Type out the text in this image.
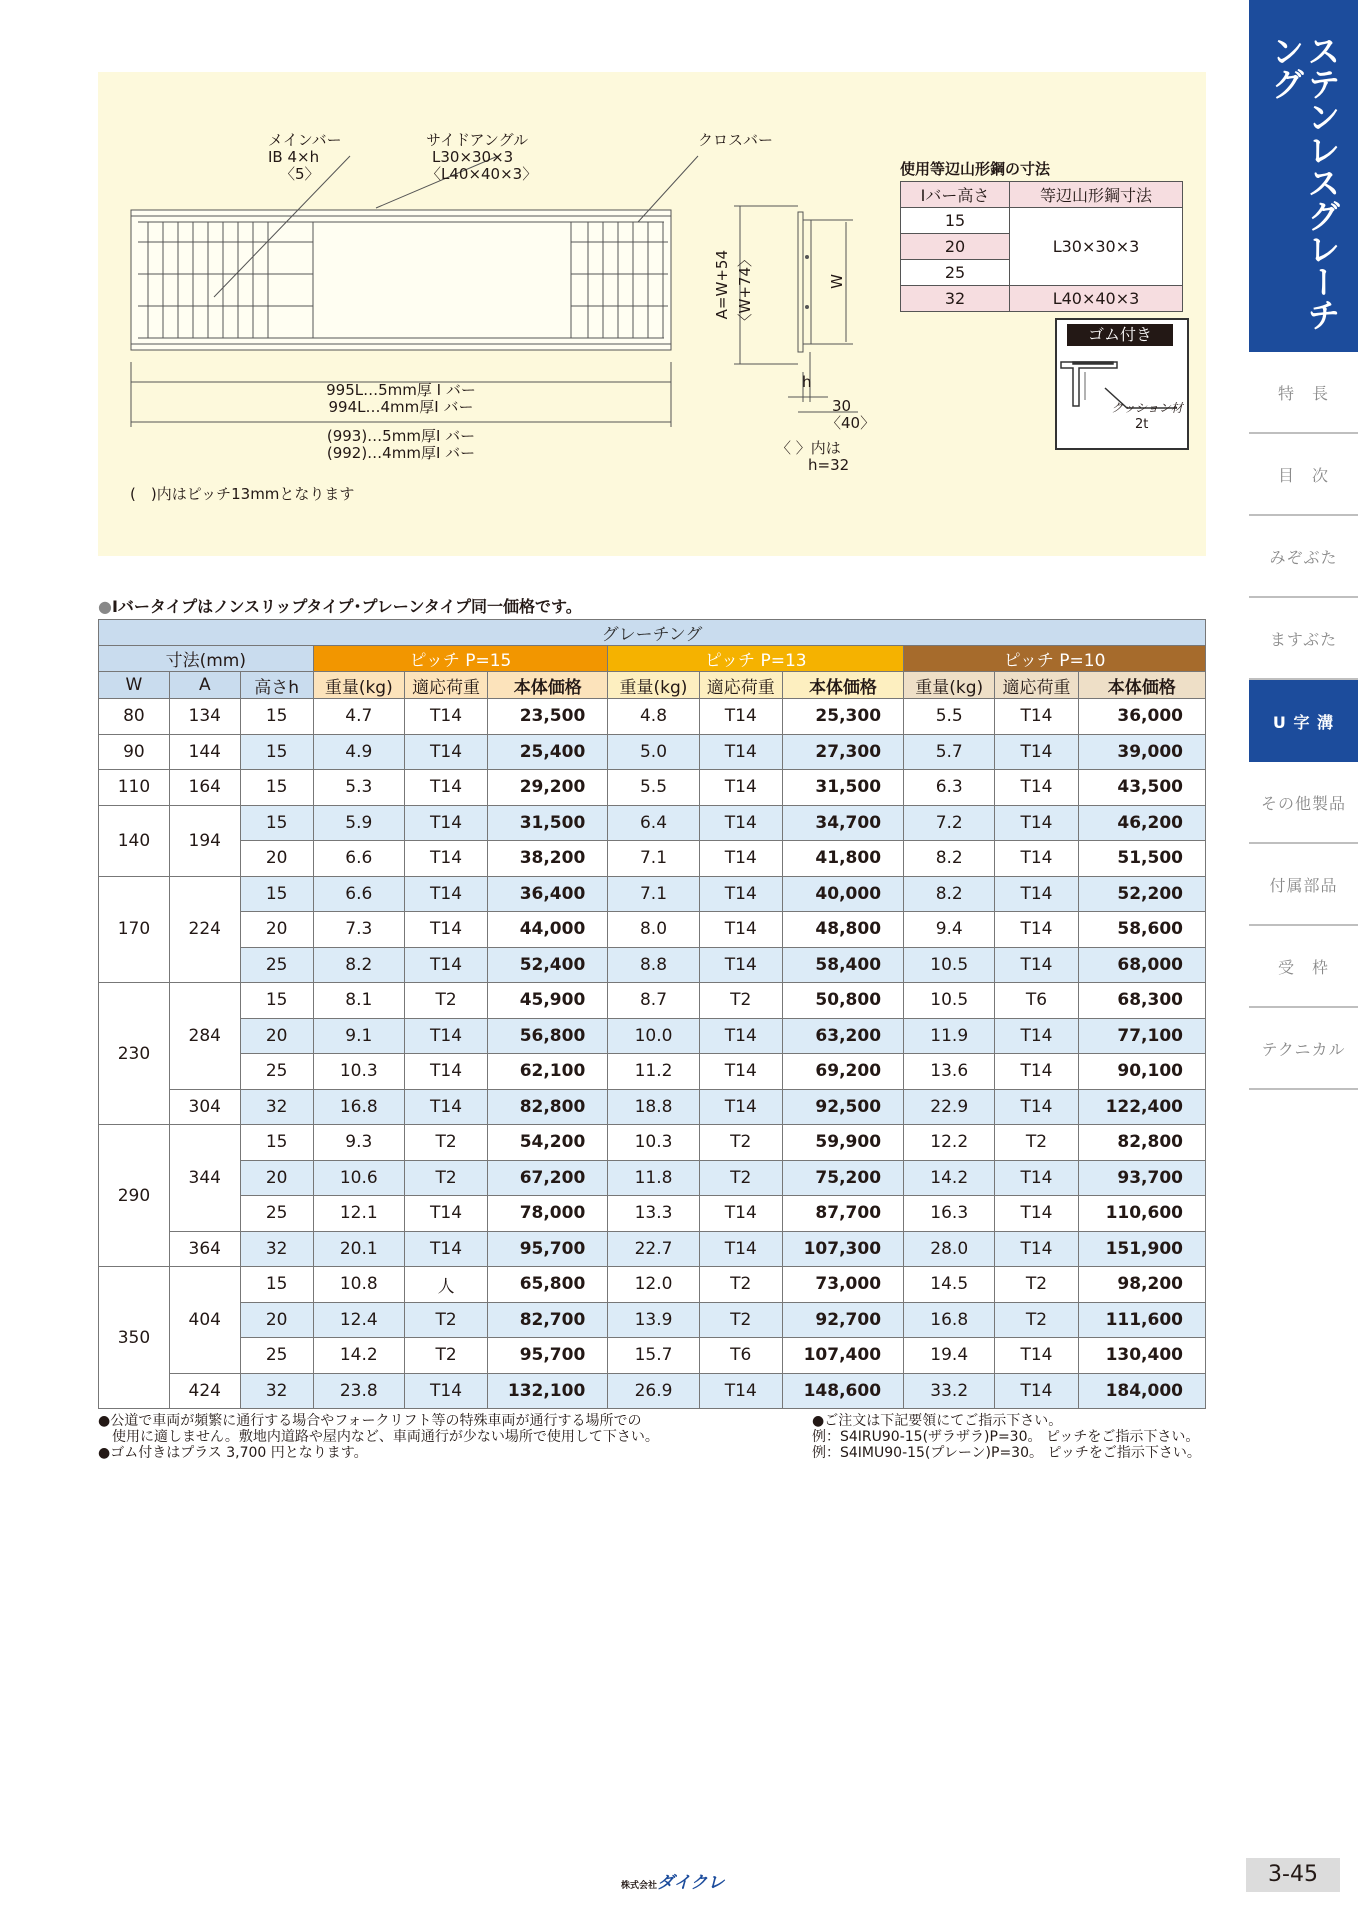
メインバー
IB 4×h
〈5〉
サイドアングル
L30×30×3
〈L40×40×3〉
クロスバー
995L…5mm厚 I バー
994L…4mm厚I バー
(993)…5mm厚I バー
(992)…4mm厚I バー
(　)内はピッチ13mmとなります
A=W+54 〈W+74〉	W
h
30
〈40〉
〈 〉内は
h=32
使用等辺山形鋼の寸法
Iバー高さ	等辺山形鋼寸法
15	L30×30×3
20	
25	
32	L40×40×3
ゴム付き
クッション材
2t
ステンレスグレーチング
特　長
目　次
みぞぶた
ますぶた
U 字 溝
その他製品
付属部品
受　枠
テクニカル
●Iバータイプはノンスリップタイプ･プレーンタイプ同一価格です。
グレーチング											
寸法(mm)			ピッチ P=15			ピッチ P=13			ピッチ P=10		
W	A	高さh	重量(kg)	適応荷重	本体価格	重量(kg)	適応荷重	本体価格	重量(kg)	適応荷重	本体価格
80	134	15	4.7	T14	23,500	4.8	T14	25,300	5.5	T14	36,000
90	144	15	4.9	T14	25,400	5.0	T14	27,300	5.7	T14	39,000
110	164	15	5.3	T14	29,200	5.5	T14	31,500	6.3	T14	43,500
140	194	15	5.9	T14	31,500	6.4	T14	34,700	7.2	T14	46,200
		20	6.6	T14	38,200	7.1	T14	41,800	8.2	T14	51,500
170	224	15	6.6	T14	36,400	7.1	T14	40,000	8.2	T14	52,200
		20	7.3	T14	44,000	8.0	T14	48,800	9.4	T14	58,600
		25	8.2	T14	52,400	8.8	T14	58,400	10.5	T14	68,000
230	284	15	8.1	T2	45,900	8.7	T2	50,800	10.5	T6	68,300
		20	9.1	T14	56,800	10.0	T14	63,200	11.9	T14	77,100
		25	10.3	T14	62,100	11.2	T14	69,200	13.6	T14	90,100
	304	32	16.8	T14	82,800	18.8	T14	92,500	22.9	T14	122,400
290	344	15	9.3	T2	54,200	10.3	T2	59,900	12.2	T2	82,800
		20	10.6	T2	67,200	11.8	T2	75,200	14.2	T14	93,700
		25	12.1	T14	78,000	13.3	T14	87,700	16.3	T14	110,600
	364	32	20.1	T14	95,700	22.7	T14	107,300	28.0	T14	151,900
350	404	15	10.8	人	65,800	12.0	T2	73,000	14.5	T2	98,200
		20	12.4	T2	82,700	13.9	T2	92,700	16.8	T2	111,600
		25	14.2	T2	95,700	15.7	T6	107,400	19.4	T14	130,400
	424	32	23.8	T14	132,100	26.9	T14	148,600	33.2	T14	184,000
●公道で車両が頻繁に通行する場合やフォークリフト等の特殊車両が通行する場所での
　使用に適しません。敷地内道路や屋内など、車両通行が少ない場所で使用して下さい。
●ゴム付きはプラス 3,700 円となります。
●ご注文は下記要領にてご指示下さい。
例：S4IRU90-15(ザラザラ)P=30。 ピッチをご指示下さい。
例：S4IMU90-15(プレーン)P=30。 ピッチをご指示下さい。
株式会社ダイクレ	3-45
